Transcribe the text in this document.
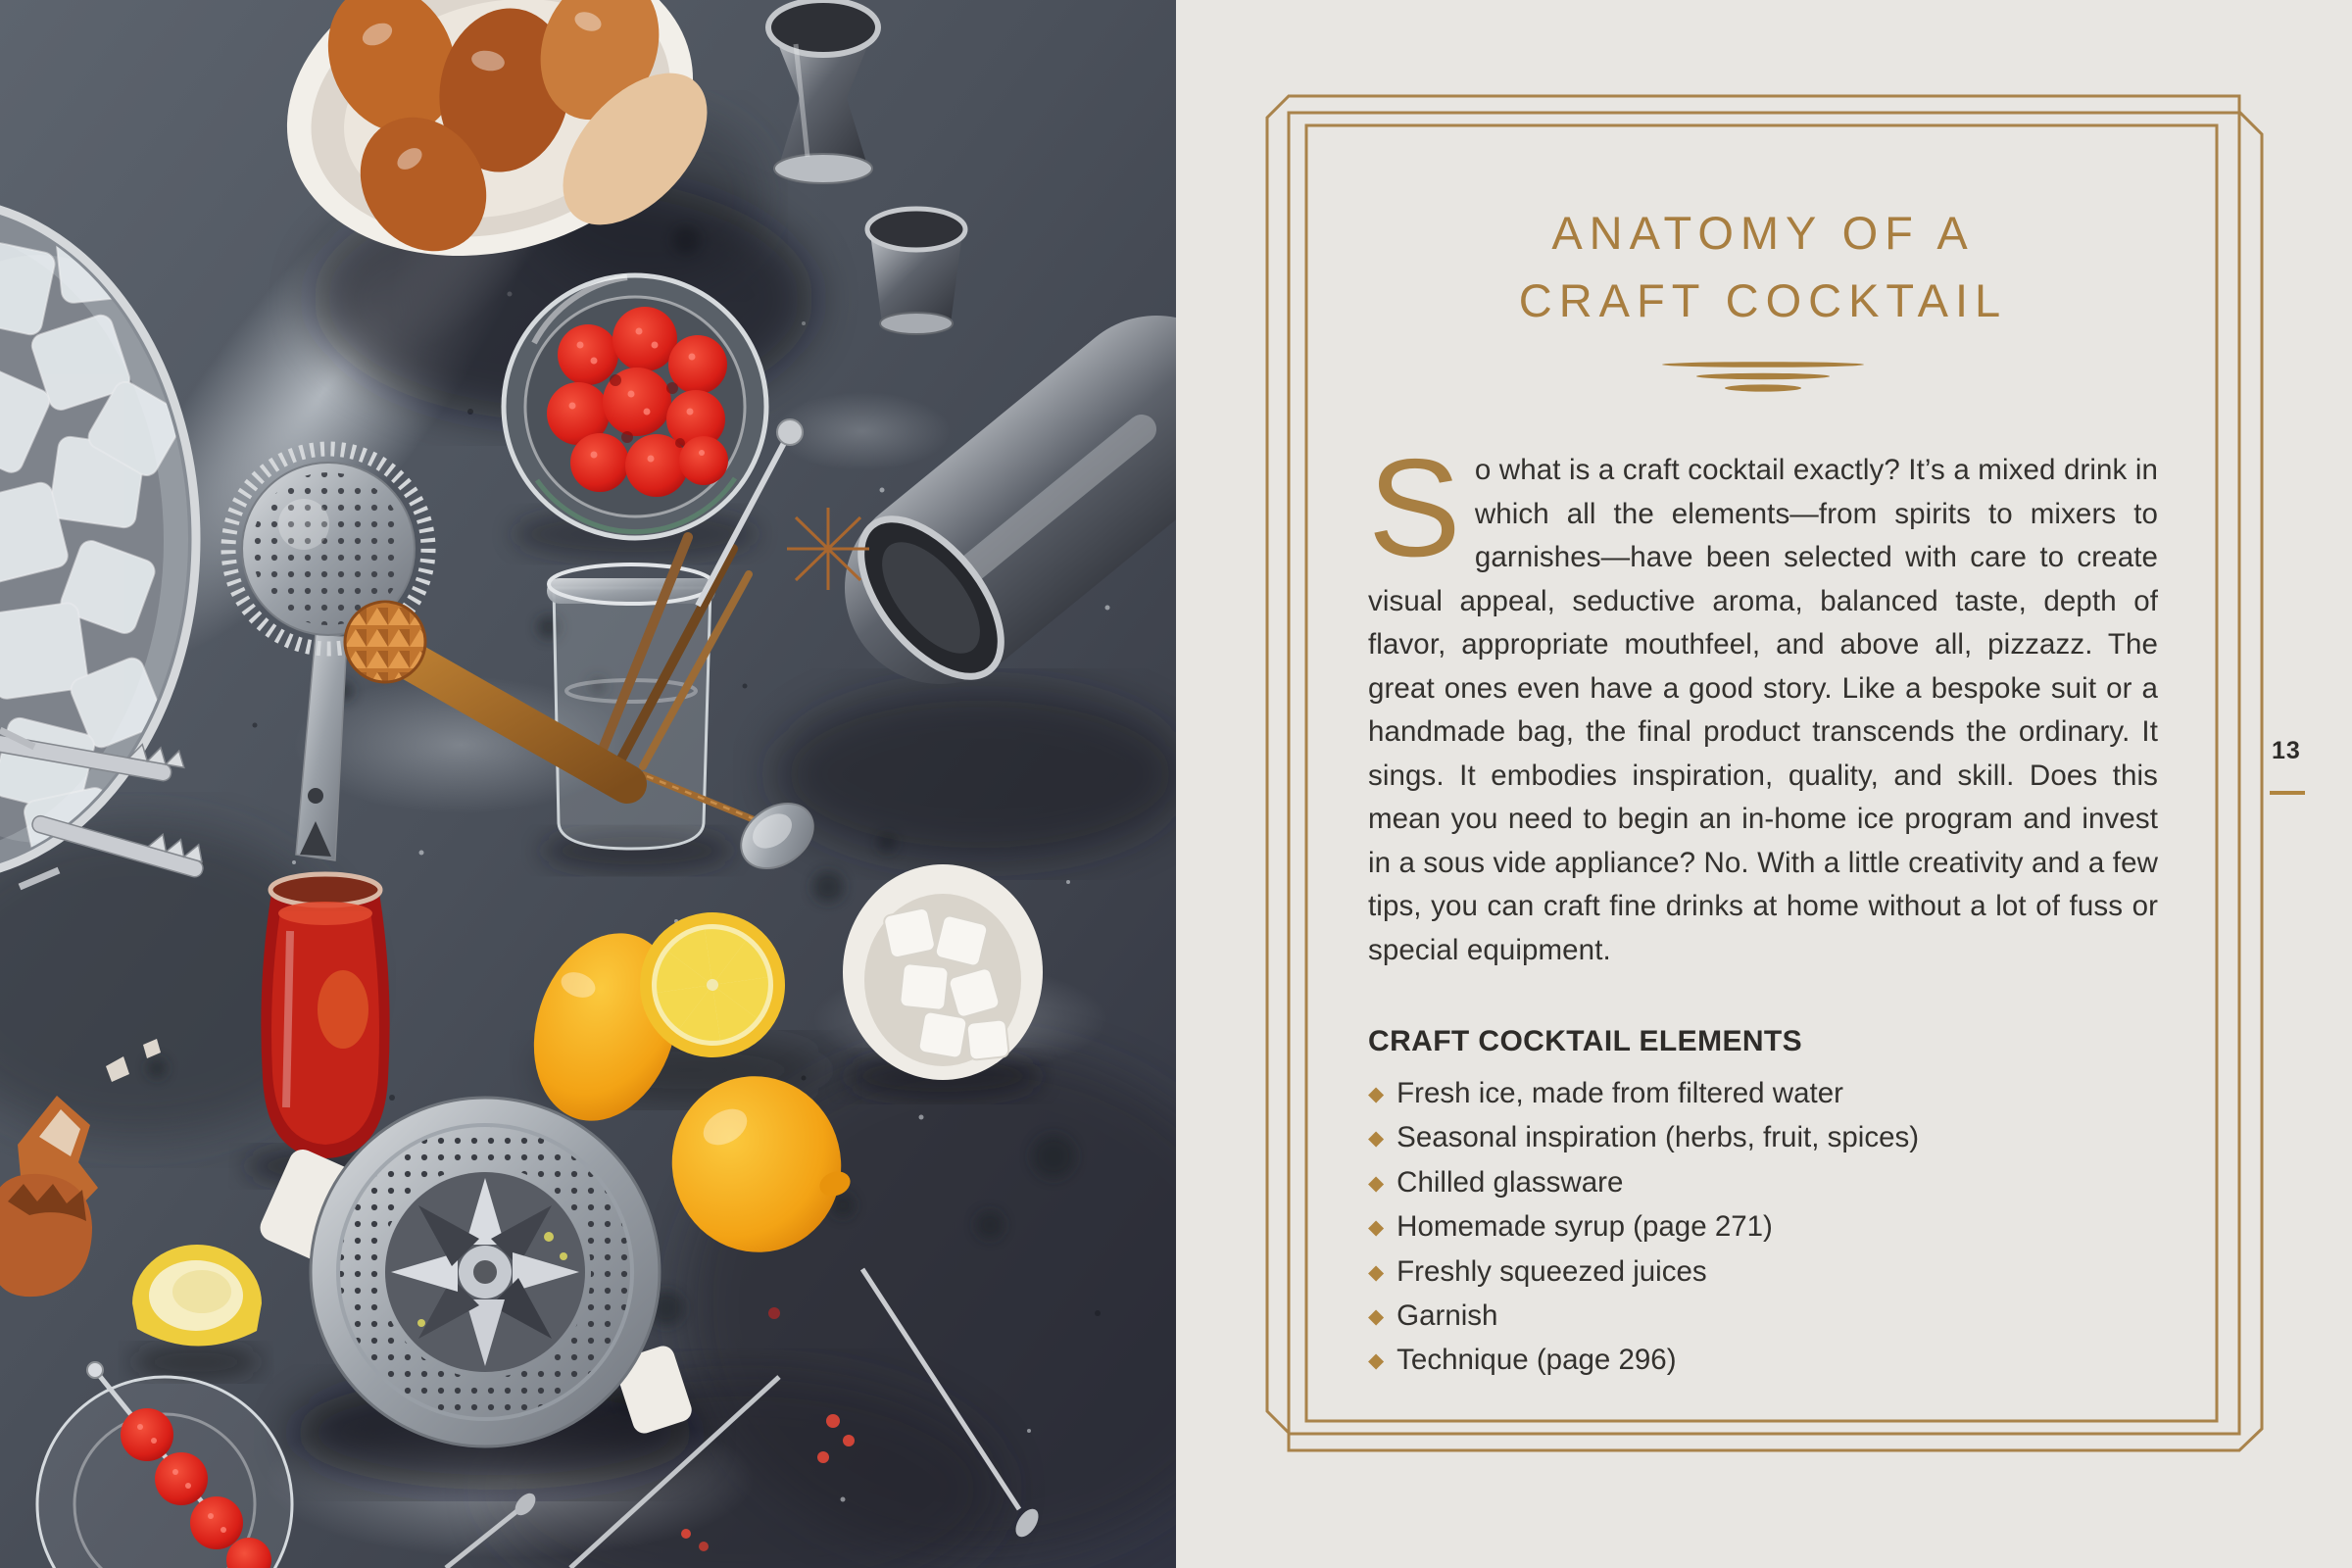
ANATOMY OF A
CRAFT COCKTAIL

So what is a craft cocktail exactly? It’s a mixed drink in which all the elements—from spirits to mixers to garnishes—have been selected with care to create visual appeal, seductive aroma, balanced taste, depth of flavor, appropriate mouthfeel, and above all, pizzazz. The great ones even have a good story. Like a bespoke suit or a handmade bag, the final product transcends the ordinary. It sings. It embodies inspiration, quality, and skill. Does this mean you need to begin an in-home ice program and invest in a sous vide appliance? No. With a little creativity and a few tips, you can craft fine drinks at home without a lot of fuss or special equipment.

CRAFT COCKTAIL ELEMENTS
◆ Fresh ice, made from filtered water
◆ Seasonal inspiration (herbs, fruit, spices)
◆ Chilled glassware
◆ Homemade syrup (page 271)
◆ Freshly squeezed juices
◆ Garnish
◆ Technique (page 296)
13
